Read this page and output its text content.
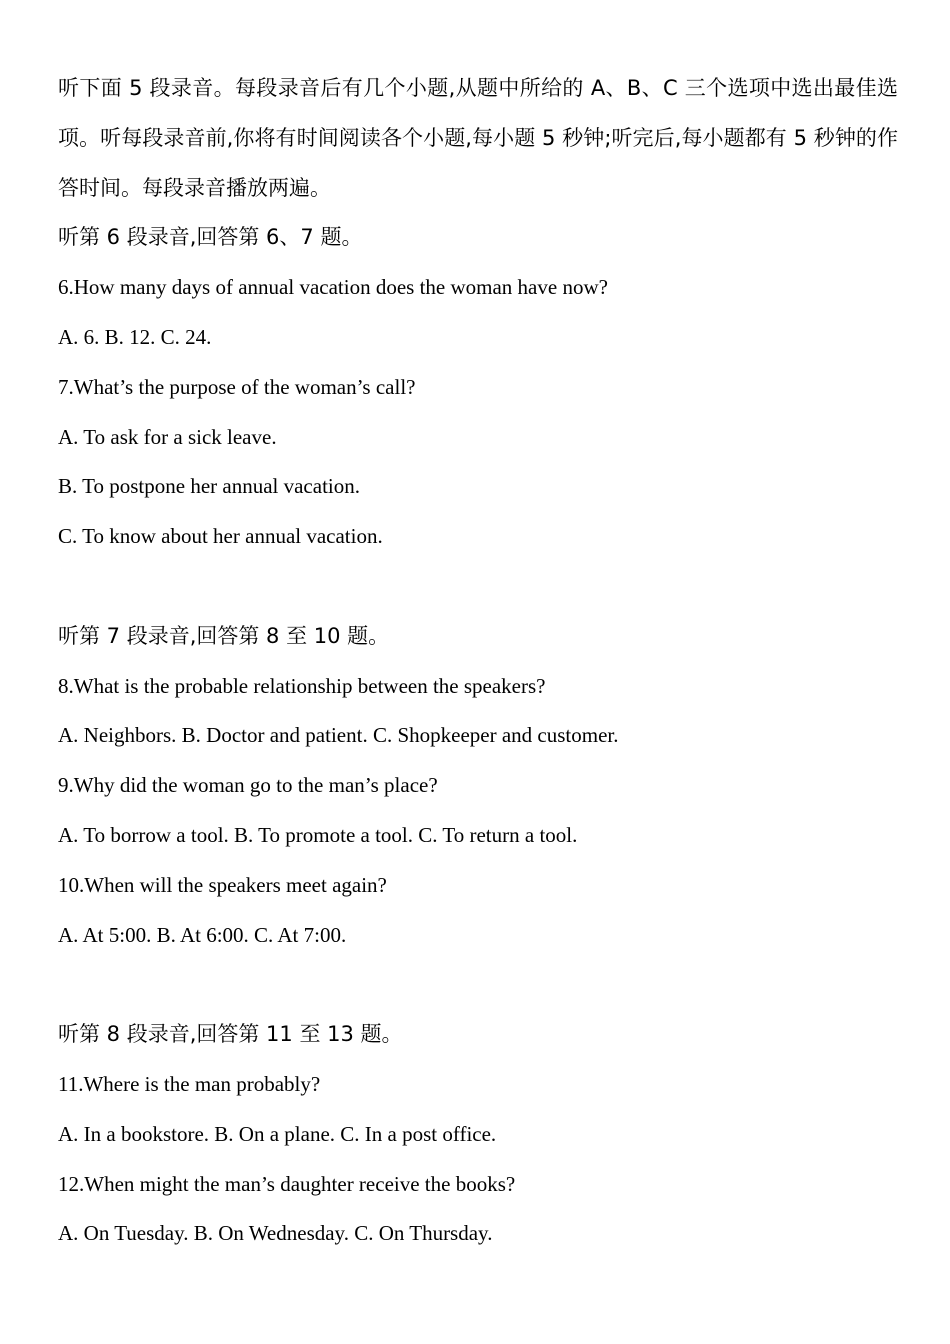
听下面 5 段录音。每段录音后有几个小题,从题中所给的 A、B、C 三个选项中选出最佳选项。听每段录音前,你将有时间阅读各个小题,每小题 5 秒钟;听完后,每小题都有 5 秒钟的作答时间。每段录音播放两遍。

听第 6 段录音,回答第 6、7 题。

6.How many days of annual vacation does the woman have now?

A. 6. B. 12. C. 24.

7.What’s the purpose of the woman’s call?

A. To ask for a sick leave.

B. To postpone her annual vacation.

C. To know about her annual vacation.

听第 7 段录音,回答第 8 至 10 题。

8.What is the probable relationship between the speakers?

A. Neighbors. B. Doctor and patient. C. Shopkeeper and customer.

9.Why did the woman go to the man’s place?

A. To borrow a tool. B. To promote a tool. C. To return a tool.

10.When will the speakers meet again?

A. At 5:00. B. At 6:00. C. At 7:00.

听第 8 段录音,回答第 11 至 13 题。

11.Where is the man probably?

A. In a bookstore. B. On a plane. C. In a post office.

12.When might the man’s daughter receive the books?

A. On Tuesday. B. On Wednesday. C. On Thursday.
